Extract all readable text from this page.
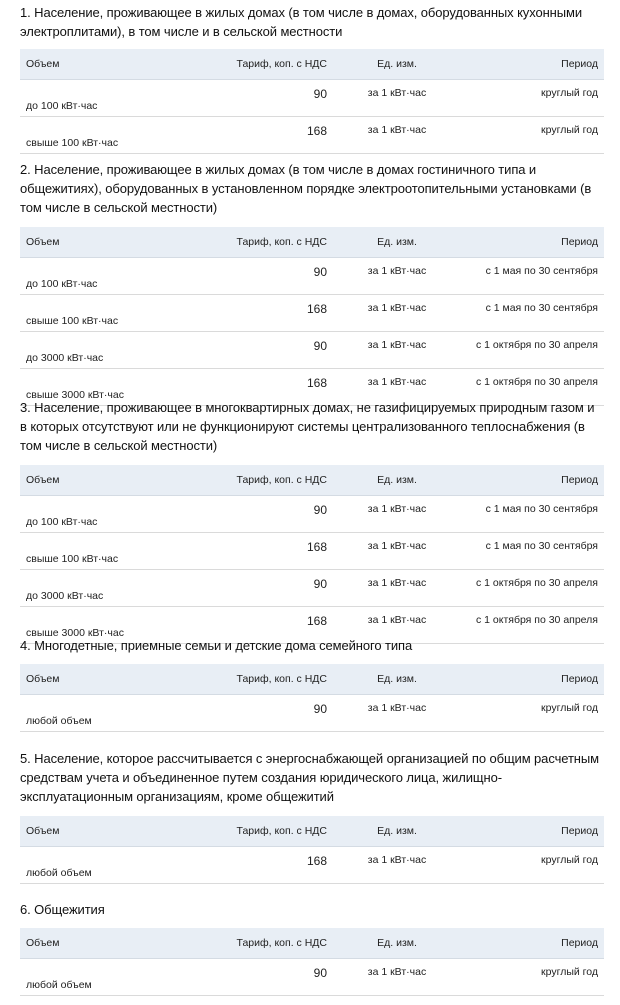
1. Население, проживающее в жилых домах (в том числе в домах, оборудованных кухонными электроплитами), в том числе и в сельской местности

Объем	Тариф, коп. с НДС	Ед. изм.	Период
до 100 кВт·час	90	за 1 кВт·час	круглый год
свыше 100 кВт·час	168	за 1 кВт·час	круглый год

2. Население, проживающее в жилых домах (в том числе в домах гостиничного типа и общежитиях), оборудованных в установленном порядке электроотопительными установками (в том числе в сельской местности)

Объем	Тариф, коп. с НДС	Ед. изм.	Период
до 100 кВт·час	90	за 1 кВт·час	с 1 мая по 30 сентября
свыше 100 кВт·час	168	за 1 кВт·час	с 1 мая по 30 сентября
до 3000 кВт·час	90	за 1 кВт·час	с 1 октября по 30 апреля
свыше 3000 кВт·час	168	за 1 кВт·час	с 1 октября по 30 апреля

3. Население, проживающее в многоквартирных домах, не газифицируемых природным газом и в которых отсутствуют или не функционируют системы централизованного теплоснабжения (в том числе в сельской местности)

Объем	Тариф, коп. с НДС	Ед. изм.	Период
до 100 кВт·час	90	за 1 кВт·час	с 1 мая по 30 сентября
свыше 100 кВт·час	168	за 1 кВт·час	с 1 мая по 30 сентября
до 3000 кВт·час	90	за 1 кВт·час	с 1 октября по 30 апреля
свыше 3000 кВт·час	168	за 1 кВт·час	с 1 октября по 30 апреля

4. Многодетные, приемные семьи и детские дома семейного типа

Объем	Тариф, коп. с НДС	Ед. изм.	Период
любой объем	90	за 1 кВт·час	круглый год

5. Население, которое рассчитывается с энергоснабжающей организацией по общим расчетным средствам учета и объединенное путем создания юридического лица, жилищно-эксплуатационным организациям, кроме общежитий

Объем	Тариф, коп. с НДС	Ед. изм.	Период
любой объем	168	за 1 кВт·час	круглый год

6. Общежития

Объем	Тариф, коп. с НДС	Ед. изм.	Период
любой объем	90	за 1 кВт·час	круглый год
